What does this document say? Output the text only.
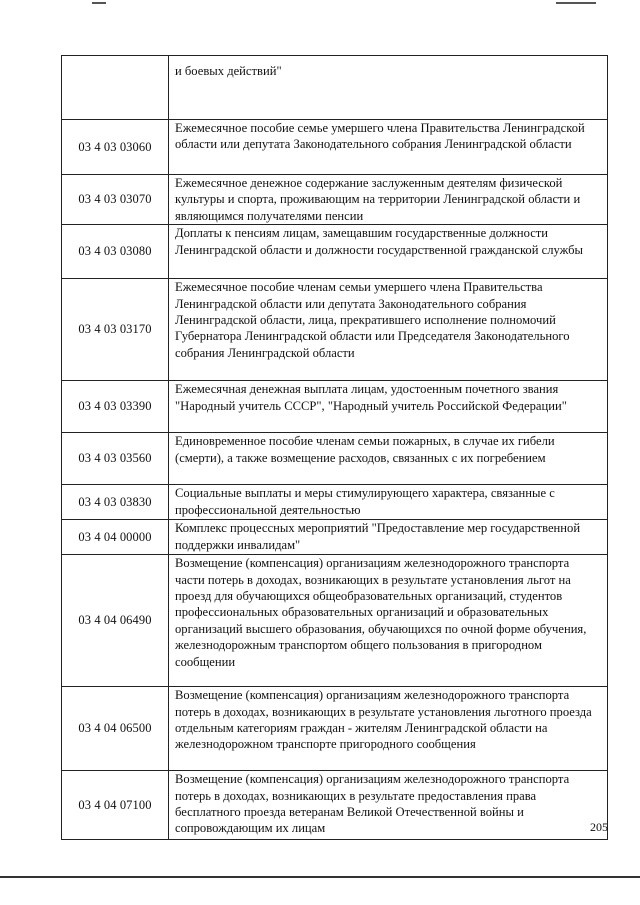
	и боевых действий"
03 4 03 03060	Ежемесячное пособие семье умершего члена Правительства Ленинградской области или депутата Законодательного собрания Ленинградской области
03 4 03 03070	Ежемесячное денежное содержание заслуженным деятелям физической культуры и спорта, проживающим на территории Ленинградской области и являющимся получателями пенсии
03 4 03 03080	Доплаты к пенсиям лицам, замещавшим государственные должности Ленинградской области и должности государственной гражданской службы
03 4 03 03170	Ежемесячное пособие членам семьи умершего члена Правительства Ленинградской области или депутата Законодательного собрания Ленинградской области, лица, прекратившего исполнение полномочий Губернатора Ленинградской области или Председателя Законодательного собрания Ленинградской области
03 4 03 03390	Ежемесячная денежная выплата лицам, удостоенным почетного звания "Народный учитель СССР", "Народный учитель Российской Федерации"
03 4 03 03560	Единовременное пособие членам семьи пожарных, в случае их гибели (смерти), а также возмещение расходов, связанных с их погребением
03 4 03 03830	Социальные выплаты и меры стимулирующего характера, связанные с профессиональной деятельностью
03 4 04 00000	Комплекс процессных мероприятий "Предоставление мер государственной поддержки инвалидам"
03 4 04 06490	Возмещение (компенсация) организациям железнодорожного транспорта части потерь в доходах, возникающих в результате установления льгот на проезд для обучающихся общеобразовательных организаций, студентов профессиональных образовательных организаций и образовательных организаций высшего образования, обучающихся по очной форме обучения, железнодорожным транспортом общего пользования в пригородном сообщении
03 4 04 06500	Возмещение (компенсация) организациям железнодорожного транспорта потерь в доходах, возникающих в результате установления льготного проезда отдельным категориям граждан - жителям Ленинградской области на железнодорожном транспорте пригородного сообщения
03 4 04 07100	Возмещение (компенсация) организациям железнодорожного транспорта потерь в доходах, возникающих в результате предоставления права бесплатного проезда ветеранам Великой Отечественной войны и сопровождающим их лицам	205
